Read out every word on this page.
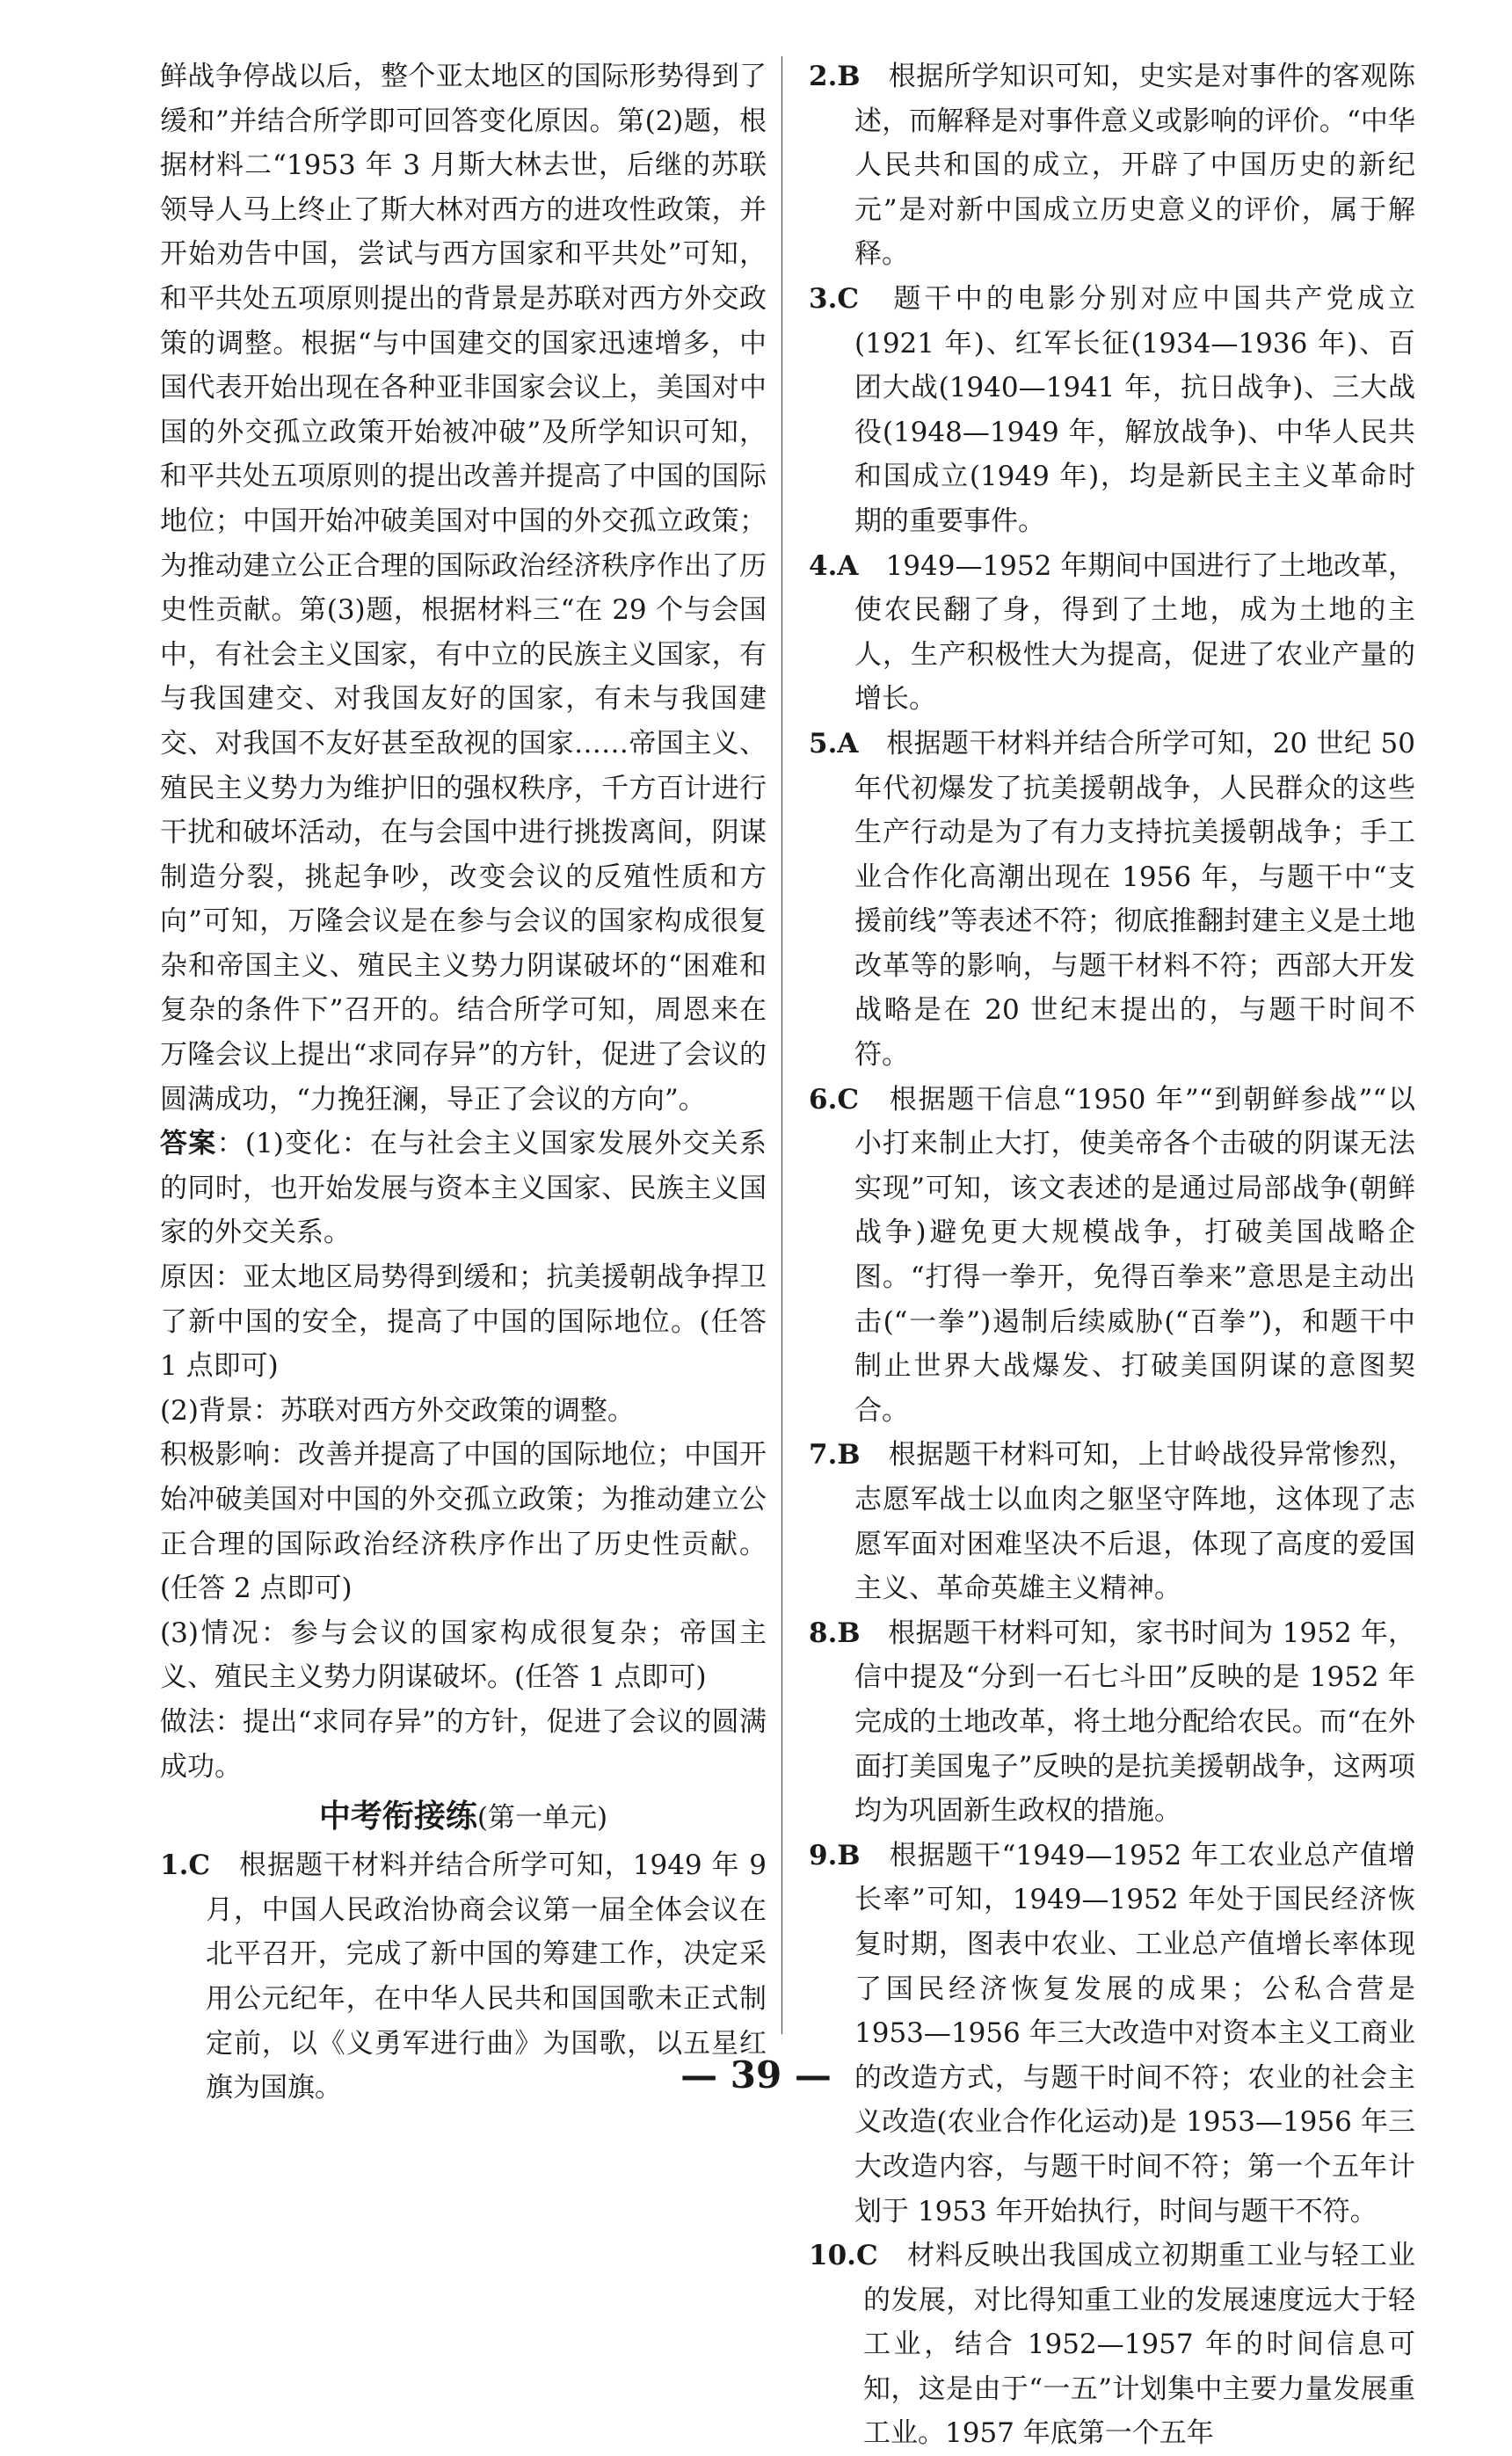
鲜战争停战以后，整个亚太地区的国际形势得到了缓和”并结合所学即可回答变化原因。第(2)题，根据材料二“1953 年 3 月斯大林去世，后继的苏联领导人马上终止了斯大林对西方的进攻性政策，并开始劝告中国，尝试与西方国家和平共处”可知，和平共处五项原则提出的背景是苏联对西方外交政策的调整。根据“与中国建交的国家迅速增多，中国代表开始出现在各种亚非国家会议上，美国对中国的外交孤立政策开始被冲破”及所学知识可知，和平共处五项原则的提出改善并提高了中国的国际地位；中国开始冲破美国对中国的外交孤立政策；为推动建立公正合理的国际政治经济秩序作出了历史性贡献。第(3)题，根据材料三“在 29 个与会国中，有社会主义国家，有中立的民族主义国家，有与我国建交、对我国友好的国家，有未与我国建交、对我国不友好甚至敌视的国家……帝国主义、殖民主义势力为维护旧的强权秩序，千方百计进行干扰和破坏活动，在与会国中进行挑拨离间，阴谋制造分裂，挑起争吵，改变会议的反殖性质和方向”可知，万隆会议是在参与会议的国家构成很复杂和帝国主义、殖民主义势力阴谋破坏的“困难和复杂的条件下”召开的。结合所学可知，周恩来在万隆会议上提出“求同存异”的方针，促进了会议的圆满成功，“力挽狂澜，导正了会议的方向”。

答案：(1)变化：在与社会主义国家发展外交关系的同时，也开始发展与资本主义国家、民族主义国家的外交关系。

原因：亚太地区局势得到缓和；抗美援朝战争捍卫了新中国的安全，提高了中国的国际地位。(任答 1 点即可)

(2)背景：苏联对西方外交政策的调整。

积极影响：改善并提高了中国的国际地位；中国开始冲破美国对中国的外交孤立政策；为推动建立公正合理的国际政治经济秩序作出了历史性贡献。(任答 2 点即可)

(3)情况：参与会议的国家构成很复杂；帝国主义、殖民主义势力阴谋破坏。(任答 1 点即可)

做法：提出“求同存异”的方针，促进了会议的圆满成功。

中考衔接练(第一单元)

1.C　 根据题干材料并结合所学可知，1949 年 9 月，中国人民政治协商会议第一届全体会议在北平召开，完成了新中国的筹建工作，决定采用公元纪年，在中华人民共和国国歌未正式制定前，以《义勇军进行曲》为国歌，以五星红旗为国旗。

2.B　 根据所学知识可知，史实是对事件的客观陈述，而解释是对事件意义或影响的评价。“中华人民共和国的成立，开辟了中国历史的新纪元”是对新中国成立历史意义的评价，属于解释。

3.C　 题干中的电影分别对应中国共产党成立(1921 年)、红军长征(1934—1936 年)、百团大战(1940—1941 年，抗日战争)、三大战役(1948—1949 年，解放战争)、中华人民共和国成立(1949 年)，均是新民主主义革命时期的重要事件。

4.A　 1949—1952 年期间中国进行了土地改革，使农民翻了身，得到了土地，成为土地的主人，生产积极性大为提高，促进了农业产量的增长。

5.A　 根据题干材料并结合所学可知，20 世纪 50 年代初爆发了抗美援朝战争，人民群众的这些生产行动是为了有力支持抗美援朝战争；手工业合作化高潮出现在 1956 年，与题干中“支援前线”等表述不符；彻底推翻封建主义是土地改革等的影响，与题干材料不符；西部大开发战略是在 20 世纪末提出的，与题干时间不符。

6.C　 根据题干信息“1950 年”“到朝鲜参战”“以小打来制止大打，使美帝各个击破的阴谋无法实现”可知，该文表述的是通过局部战争(朝鲜战争)避免更大规模战争，打破美国战略企图。“打得一拳开，免得百拳来”意思是主动出击(“一拳”)遏制后续威胁(“百拳”)，和题干中制止世界大战爆发、打破美国阴谋的意图契合。

7.B　 根据题干材料可知，上甘岭战役异常惨烈，志愿军战士以血肉之躯坚守阵地，这体现了志愿军面对困难坚决不后退，体现了高度的爱国主义、革命英雄主义精神。

8.B　 根据题干材料可知，家书时间为 1952 年，信中提及“分到一石七斗田”反映的是 1952 年完成的土地改革，将土地分配给农民。而“在外面打美国鬼子”反映的是抗美援朝战争，这两项均为巩固新生政权的措施。

9.B　 根据题干“1949—1952 年工农业总产值增长率”可知，1949—1952 年处于国民经济恢复时期，图表中农业、工业总产值增长率体现了国民经济恢复发展的成果；公私合营是 1953—1956 年三大改造中对资本主义工商业的改造方式，与题干时间不符；农业的社会主义改造(农业合作化运动)是 1953—1956 年三大改造内容，与题干时间不符；第一个五年计划于 1953 年开始执行，时间与题干不符。

10.C　 材料反映出我国成立初期重工业与轻工业的发展，对比得知重工业的发展速度远大于轻工业，结合 1952—1957 年的时间信息可知，这是由于“一五”计划集中主要力量发展重工业。1957 年底第一个五年

— 39 —
